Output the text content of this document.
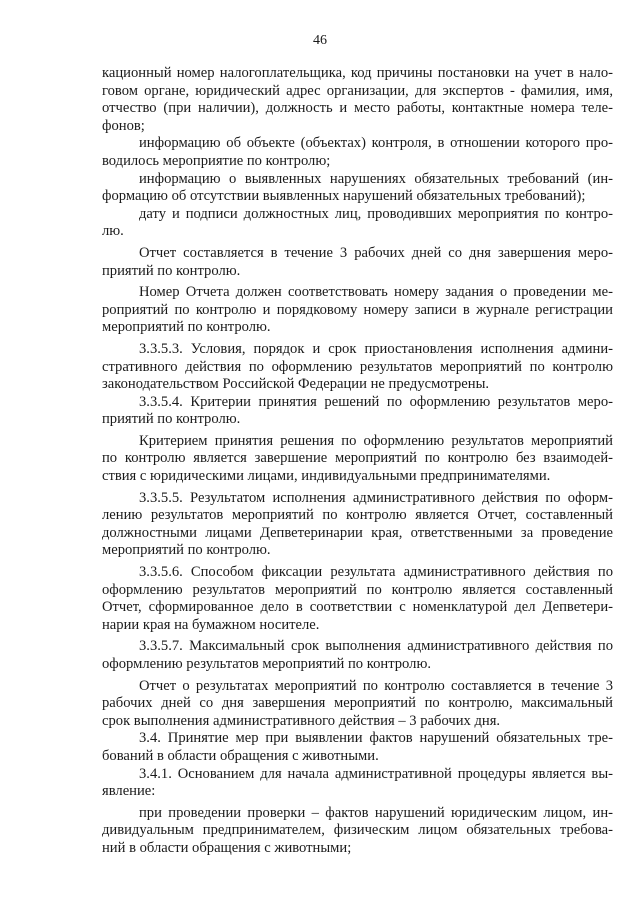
46
кационный номер налогоплательщика, код причины постановки на учет в нало-
говом органе, юридический адрес организации, для экспертов - фамилия, имя,
отчество (при наличии), должность и место работы, контактные номера теле-
фонов;
информацию об объекте (объектах) контроля, в отношении которого про-
водилось мероприятие по контролю;
информацию о выявленных нарушениях обязательных требований (ин-
формацию об отсутствии выявленных нарушений обязательных требований);
дату и подписи должностных лиц, проводивших мероприятия по контро-
лю.
Отчет составляется в течение 3 рабочих дней со дня завершения меро-
приятий по контролю.
Номер Отчета должен соответствовать номеру задания о проведении ме-
роприятий по контролю и порядковому номеру записи в журнале регистрации
мероприятий по контролю.
3.3.5.3. Условия, порядок и срок приостановления исполнения админи-
стративного действия по оформлению результатов мероприятий по контролю
законодательством Российской Федерации не предусмотрены.
3.3.5.4. Критерии принятия решений по оформлению результатов меро-
приятий по контролю.
Критерием принятия решения по оформлению результатов мероприятий
по контролю является завершение мероприятий по контролю без взаимодей-
ствия с юридическими лицами, индивидуальными предпринимателями.
3.3.5.5. Результатом исполнения административного действия по оформ-
лению результатов мероприятий по контролю является Отчет, составленный
должностными лицами Депветеринарии края, ответственными за проведение
мероприятий по контролю.
3.3.5.6. Способом фиксации результата административного действия по
оформлению результатов мероприятий по контролю является составленный
Отчет, сформированное дело в соответствии с номенклатурой дел Депветери-
нарии края на бумажном носителе.
3.3.5.7. Максимальный срок выполнения административного действия по
оформлению результатов мероприятий по контролю.
Отчет о результатах мероприятий по контролю составляется в течение 3
рабочих дней со дня завершения мероприятий по контролю, максимальный
срок выполнения административного действия – 3 рабочих дня.
3.4. Принятие мер при выявлении фактов нарушений обязательных тре-
бований в области обращения с животными.
3.4.1. Основанием для начала административной процедуры является вы-
явление:
при проведении проверки – фактов нарушений юридическим лицом, ин-
дивидуальным предпринимателем, физическим лицом обязательных требова-
ний в области обращения с животными;
